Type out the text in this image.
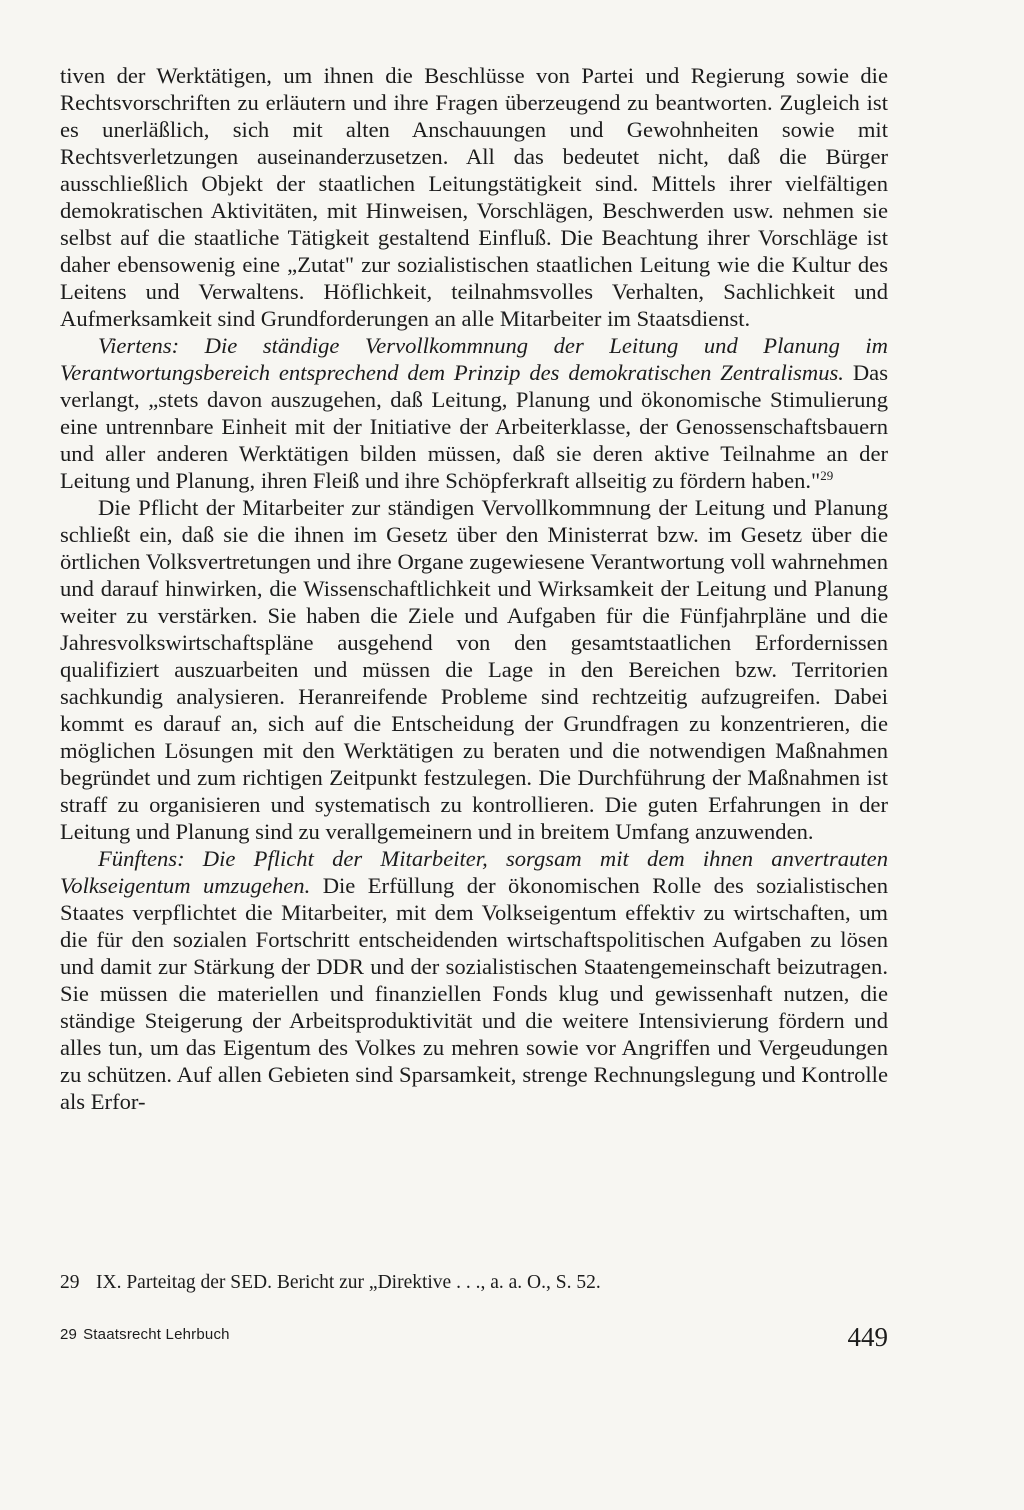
tiven der Werktätigen, um ihnen die Beschlüsse von Partei und Regierung sowie die Rechtsvorschriften zu erläutern und ihre Fragen überzeugend zu beantworten. Zugleich ist es unerläßlich, sich mit alten Anschauungen und Gewohnheiten sowie mit Rechtsverletzungen auseinanderzusetzen. All das bedeutet nicht, daß die Bürger ausschließlich Objekt der staatlichen Leitungstätigkeit sind. Mittels ihrer vielfältigen demokratischen Aktivitäten, mit Hinweisen, Vorschlägen, Beschwerden usw. nehmen sie selbst auf die staatliche Tätigkeit gestaltend Einfluß. Die Beachtung ihrer Vorschläge ist daher ebensowenig eine „Zutat" zur sozialistischen staatlichen Leitung wie die Kultur des Leitens und Verwaltens. Höflichkeit, teilnahmsvolles Verhalten, Sachlichkeit und Aufmerksamkeit sind Grundforderungen an alle Mitarbeiter im Staatsdienst.

Viertens: Die ständige Vervollkommnung der Leitung und Planung im Verantwortungsbereich entsprechend dem Prinzip des demokratischen Zentralismus. Das verlangt, „stets davon auszugehen, daß Leitung, Planung und ökonomische Stimulierung eine untrennbare Einheit mit der Initiative der Arbeiterklasse, der Genossenschaftsbauern und aller anderen Werktätigen bilden müssen, daß sie deren aktive Teilnahme an der Leitung und Planung, ihren Fleiß und ihre Schöpferkraft allseitig zu fördern haben."$^{29}$

Die Pflicht der Mitarbeiter zur ständigen Vervollkommnung der Leitung und Planung schließt ein, daß sie die ihnen im Gesetz über den Ministerrat bzw. im Gesetz über die örtlichen Volksvertretungen und ihre Organe zugewiesene Verantwortung voll wahrnehmen und darauf hinwirken, die Wissenschaftlichkeit und Wirksamkeit der Leitung und Planung weiter zu verstärken. Sie haben die Ziele und Aufgaben für die Fünfjahrpläne und die Jahresvolkswirtschaftspläne ausgehend von den gesamtstaatlichen Erfordernissen qualifiziert auszuarbeiten und müssen die Lage in den Bereichen bzw. Territorien sachkundig analysieren. Heranreifende Probleme sind rechtzeitig aufzugreifen. Dabei kommt es darauf an, sich auf die Entscheidung der Grundfragen zu konzentrieren, die möglichen Lösungen mit den Werktätigen zu beraten und die notwendigen Maßnahmen begründet und zum richtigen Zeitpunkt festzulegen. Die Durchführung der Maßnahmen ist straff zu organisieren und systematisch zu kontrollieren. Die guten Erfahrungen in der Leitung und Planung sind zu verallgemeinern und in breitem Umfang anzuwenden.

Fünftens: Die Pflicht der Mitarbeiter, sorgsam mit dem ihnen anvertrauten Volkseigentum umzugehen. Die Erfüllung der ökonomischen Rolle des sozialistischen Staates verpflichtet die Mitarbeiter, mit dem Volkseigentum effektiv zu wirtschaften, um die für den sozialen Fortschritt entscheidenden wirtschaftspolitischen Aufgaben zu lösen und damit zur Stärkung der DDR und der sozialistischen Staatengemeinschaft beizutragen. Sie müssen die materiellen und finanziellen Fonds klug und gewissenhaft nutzen, die ständige Steigerung der Arbeitsproduktivität und die weitere Intensivierung fördern und alles tun, um das Eigentum des Volkes zu mehren sowie vor Angriffen und Vergeudungen zu schützen. Auf allen Gebieten sind Sparsamkeit, strenge Rechnungslegung und Kontrolle als Erfor-

29 IX. Parteitag der SED. Bericht zur „Direktive . . ., a. a. O., S. 52.

29 Staatsrecht Lehrbuch	449
